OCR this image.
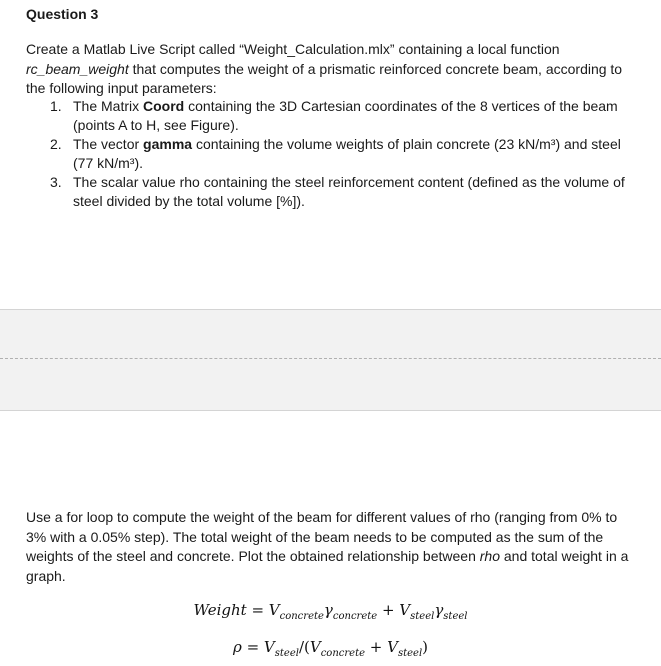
Question 3
Create a Matlab Live Script called “Weight_Calculation.mlx” containing a local function rc_beam_weight that computes the weight of a prismatic reinforced concrete beam, according to the following input parameters:
1. The Matrix Coord containing the 3D Cartesian coordinates of the 8 vertices of the beam (points A to H, see Figure).
2. The vector gamma containing the volume weights of plain concrete (23 kN/m³) and steel (77 kN/m³).
3. The scalar value rho containing the steel reinforcement content (defined as the volume of steel divided by the total volume [%]).
Use a for loop to compute the weight of the beam for different values of rho (ranging from 0% to 3% with a 0.05% step). The total weight of the beam needs to be computed as the sum of the weights of the steel and concrete. Plot the obtained relationship between rho and total weight in a graph.
Weight = $V_{concrete}\gamma_{concrete} + V_{steel}\gamma_{steel}$
$\rho = V_{steel}/(V_{concrete} + V_{steel})$
